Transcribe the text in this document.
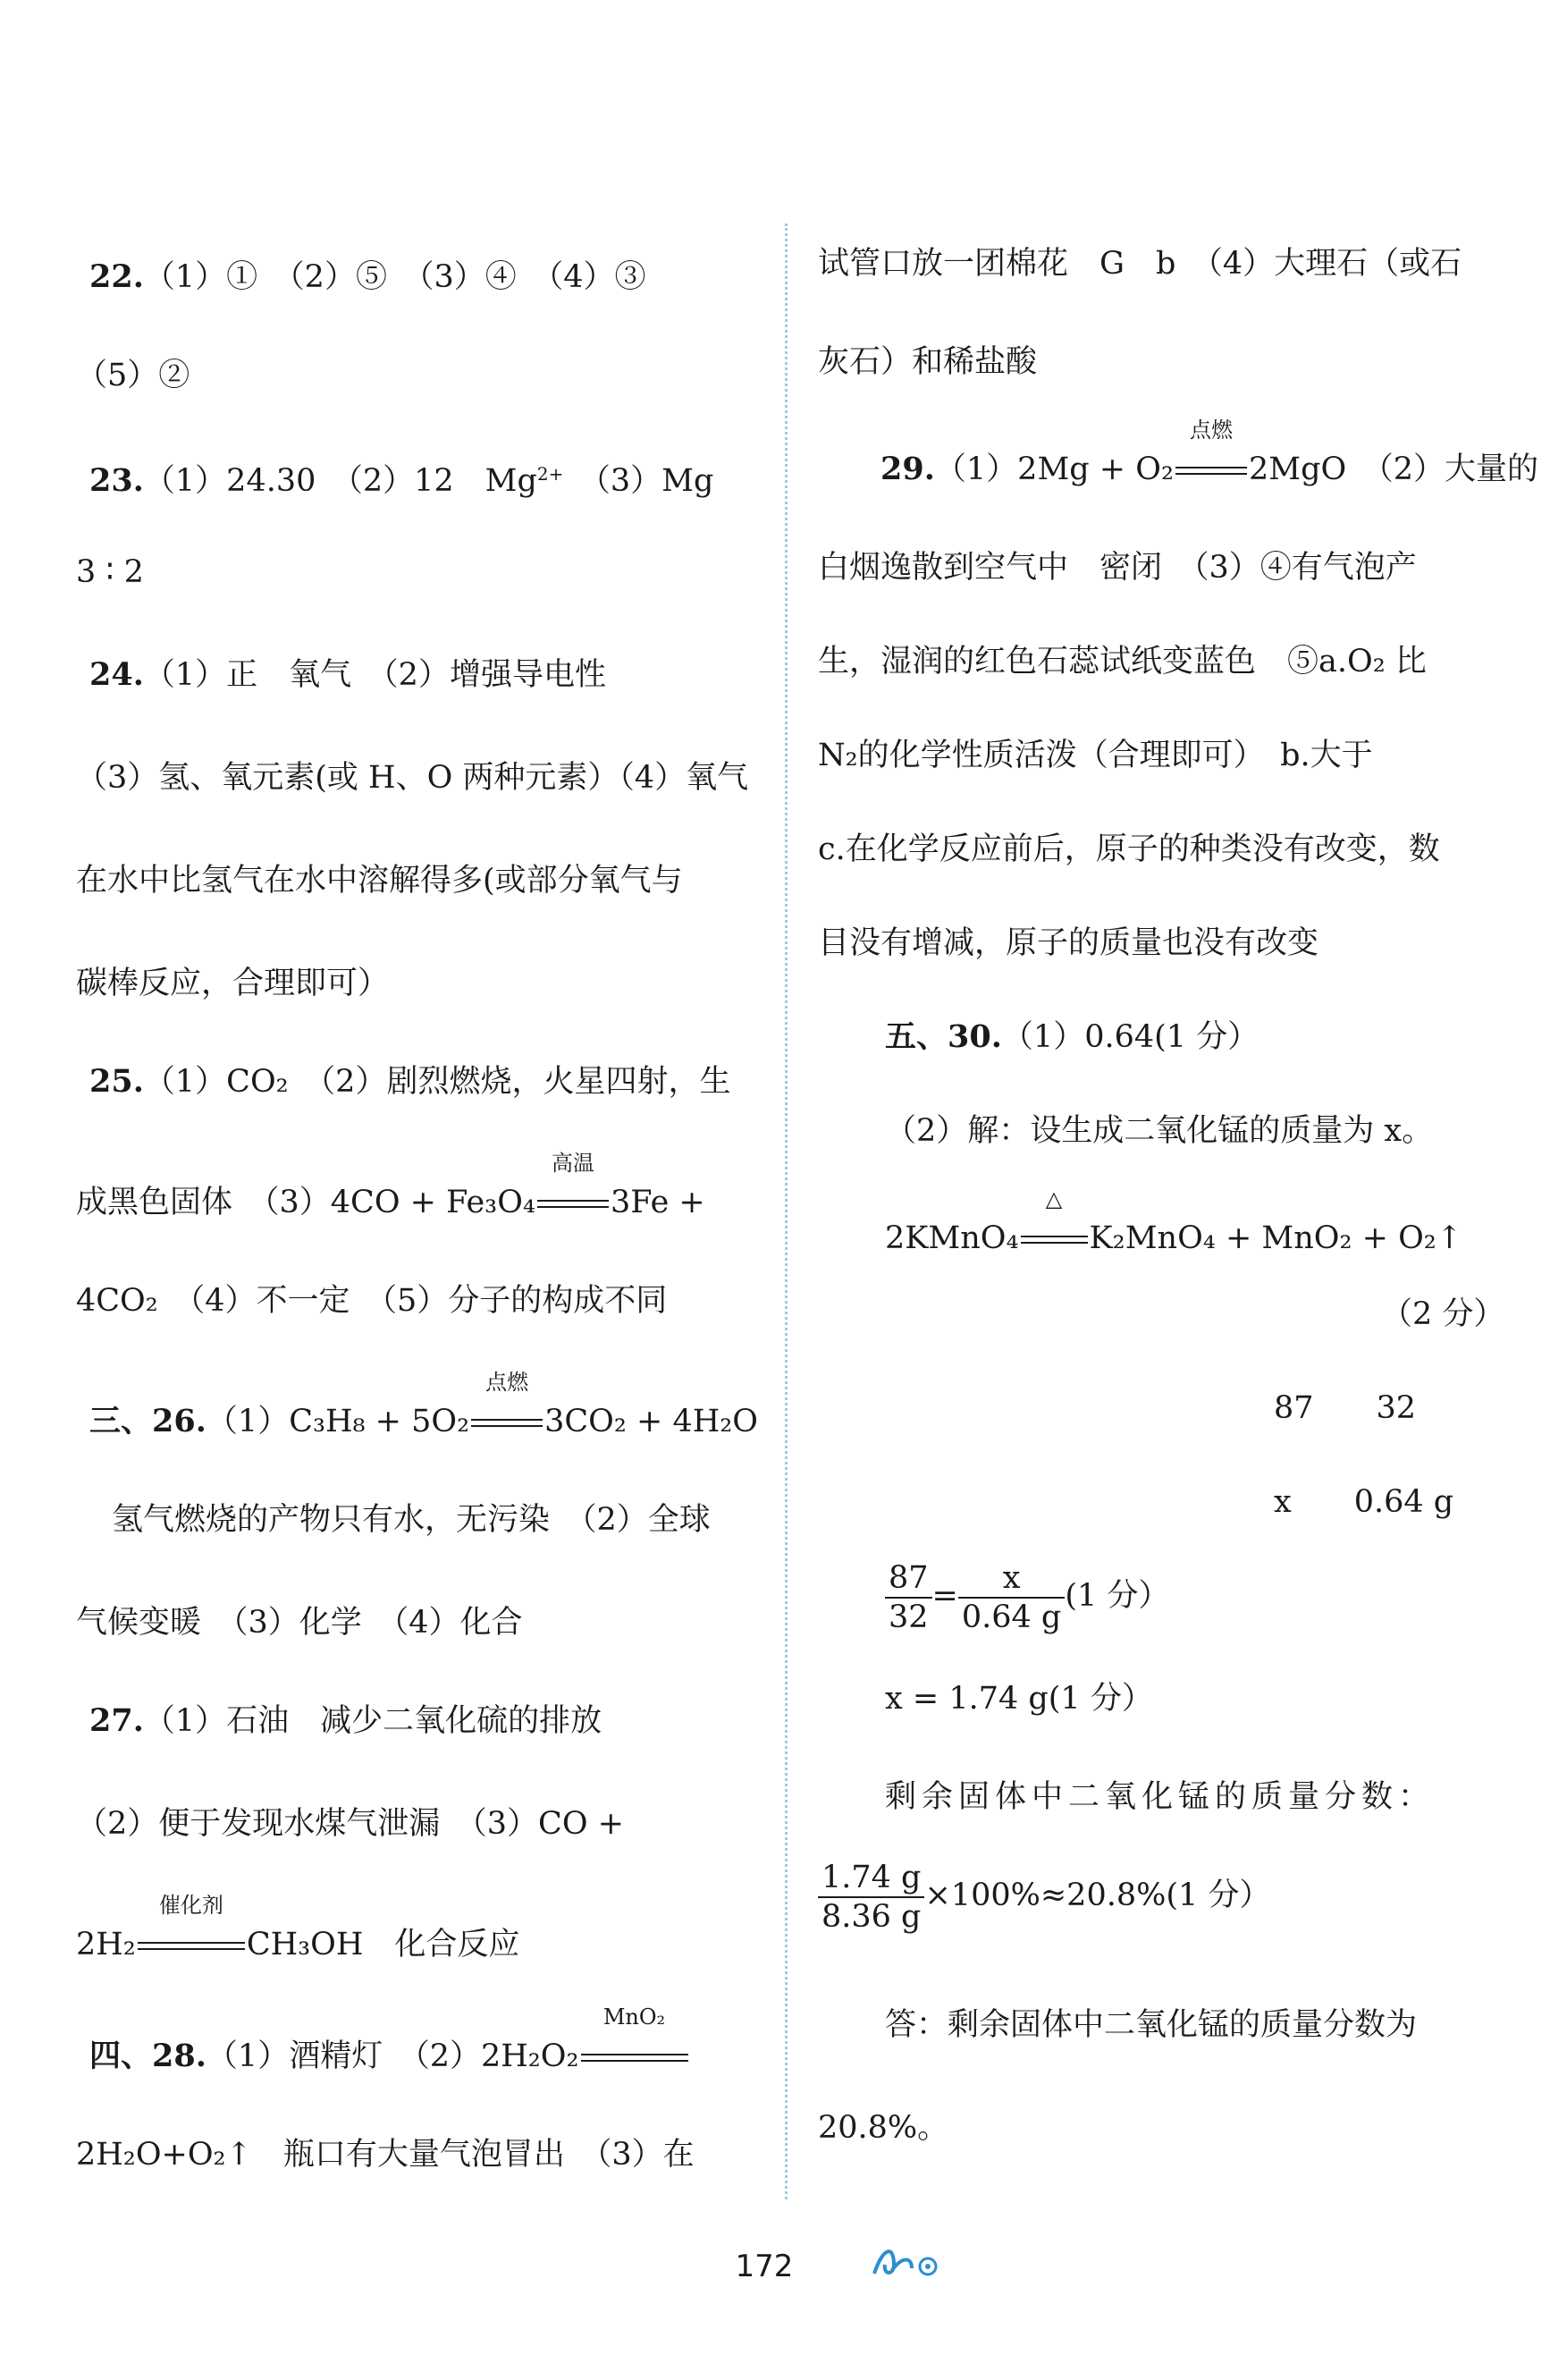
22.（1）①　（2）⑤　（3）④　（4）③
（5）②
23.（1）24.30　（2）12　$Mg^{2+}$　（3）Mg
3 ∶ 2
24.（1）正　氧气　（2）增强导电性
（3）氢、氧元素(或 H、O 两种元素）（4）氧气
在水中比氢气在水中溶解得多(或部分氧气与
碳棒反应，合理即可）
25.（1）CO₂　（2）剧烈燃烧，火星四射，生
成黑色固体　（3）4CO + Fe₃O₄
高温
3Fe +
4CO₂　（4）不一定　（5）分子的构成不同
三、26.（1）C₃H₈ + 5O₂
点燃
3CO₂ + 4H₂O
氢气燃烧的产物只有水，无污染　（2）全球
气候变暖　（3）化学　（4）化合
27.（1）石油　减少二氧化硫的排放
（2）便于发现水煤气泄漏　（3）CO +
2H₂
催化剂
CH₃OH　化合反应
四、28.（1）酒精灯　（2）2H₂O₂
MnO₂
2H₂O+O₂↑　瓶口有大量气泡冒出　（3）在
试管口放一团棉花　G　b　（4）大理石（或石
灰石）和稀盐酸
29.（1）2Mg + O₂
点燃
2MgO　（2）大量的
白烟逸散到空气中　密闭　（3）④有气泡产
生，湿润的红色石蕊试纸变蓝色　⑤a.O₂ 比
N₂的化学性质活泼（合理即可）　b.大于
c.在化学反应前后，原子的种类没有改变，数
目没有增减，原子的质量也没有改变
五、30.（1）0.64(1 分）
（2）解：设生成二氧化锰的质量为 x。
2KMnO₄
△
K₂MnO₄ + MnO₂ + O₂↑
（2 分）
87　　32
x　　0.64 g
$\frac{87}{32} = \frac{x}{0.64 g} (1$ 分）
x = 1.74 g(1 分）
剩余固体中二氧化锰的质量分数：
$\frac{1.74 g}{8.36 g} \times 100\%\approx 20.8\%(1$ 分）
答：剩余固体中二氧化锰的质量分数为
20.8%。
172
